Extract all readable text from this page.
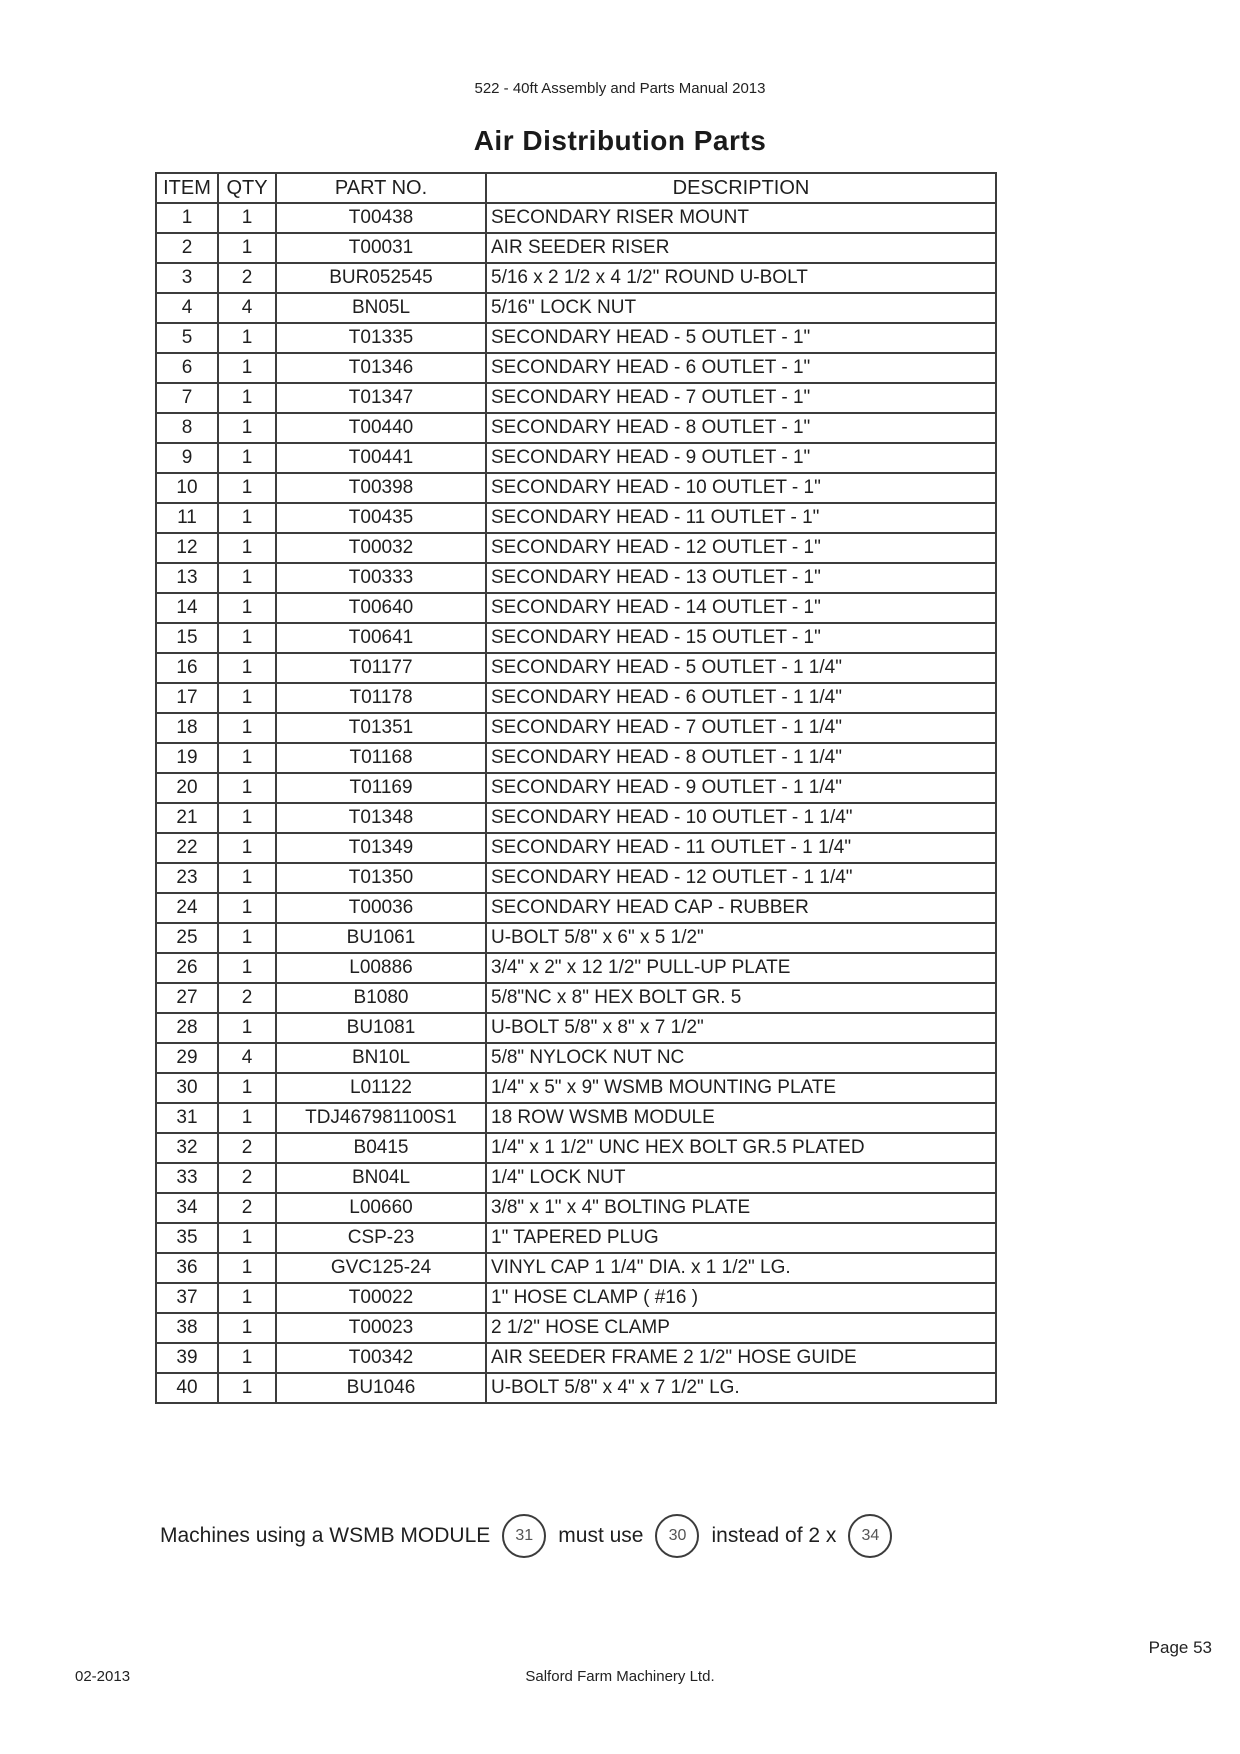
522 - 40ft Assembly and Parts Manual 2013
Air Distribution Parts
ITEM	QTY	PART NO.	DESCRIPTION
1	1	T00438	SECONDARY RISER MOUNT
2	1	T00031	AIR SEEDER RISER
3	2	BUR052545	5/16 x 2 1/2 x 4 1/2" ROUND U-BOLT
4	4	BN05L	5/16" LOCK NUT
5	1	T01335	SECONDARY HEAD - 5 OUTLET - 1"
6	1	T01346	SECONDARY HEAD - 6 OUTLET - 1"
7	1	T01347	SECONDARY HEAD - 7 OUTLET - 1"
8	1	T00440	SECONDARY HEAD - 8 OUTLET - 1"
9	1	T00441	SECONDARY HEAD - 9 OUTLET - 1"
10	1	T00398	SECONDARY HEAD - 10 OUTLET - 1"
11	1	T00435	SECONDARY HEAD - 11 OUTLET - 1"
12	1	T00032	SECONDARY HEAD - 12 OUTLET - 1"
13	1	T00333	SECONDARY HEAD - 13 OUTLET - 1"
14	1	T00640	SECONDARY HEAD - 14 OUTLET - 1"
15	1	T00641	SECONDARY HEAD - 15 OUTLET - 1"
16	1	T01177	SECONDARY HEAD - 5 OUTLET - 1 1/4"
17	1	T01178	SECONDARY HEAD - 6 OUTLET - 1 1/4"
18	1	T01351	SECONDARY HEAD - 7 OUTLET - 1 1/4"
19	1	T01168	SECONDARY HEAD - 8 OUTLET - 1 1/4"
20	1	T01169	SECONDARY HEAD - 9 OUTLET - 1 1/4"
21	1	T01348	SECONDARY HEAD - 10 OUTLET - 1 1/4"
22	1	T01349	SECONDARY HEAD - 11 OUTLET - 1 1/4"
23	1	T01350	SECONDARY HEAD - 12 OUTLET - 1 1/4"
24	1	T00036	SECONDARY HEAD CAP - RUBBER
25	1	BU1061	U-BOLT 5/8" x 6" x 5 1/2"
26	1	L00886	3/4" x 2" x 12 1/2" PULL-UP PLATE
27	2	B1080	5/8"NC x 8" HEX BOLT GR. 5
28	1	BU1081	U-BOLT 5/8" x 8" x 7 1/2"
29	4	BN10L	5/8" NYLOCK NUT NC
30	1	L01122	1/4" x 5" x 9" WSMB MOUNTING PLATE
31	1	TDJ467981100S1	18 ROW WSMB MODULE
32	2	B0415	1/4" x 1 1/2" UNC HEX BOLT GR.5 PLATED
33	2	BN04L	1/4" LOCK NUT
34	2	L00660	3/8" x 1" x 4" BOLTING PLATE
35	1	CSP-23	1" TAPERED PLUG
36	1	GVC125-24	VINYL CAP 1 1/4" DIA. x 1 1/2" LG.
37	1	T00022	1" HOSE CLAMP ( #16 )
38	1	T00023	2 1/2" HOSE CLAMP
39	1	T00342	AIR SEEDER FRAME 2 1/2" HOSE GUIDE
40	1	BU1046	U-BOLT 5/8" x 4" x 7 1/2" LG.
Machines using a WSMB MODULE	31	must use	30	instead of 2 x	34
02-2013	Salford Farm Machinery Ltd.
Page 53
